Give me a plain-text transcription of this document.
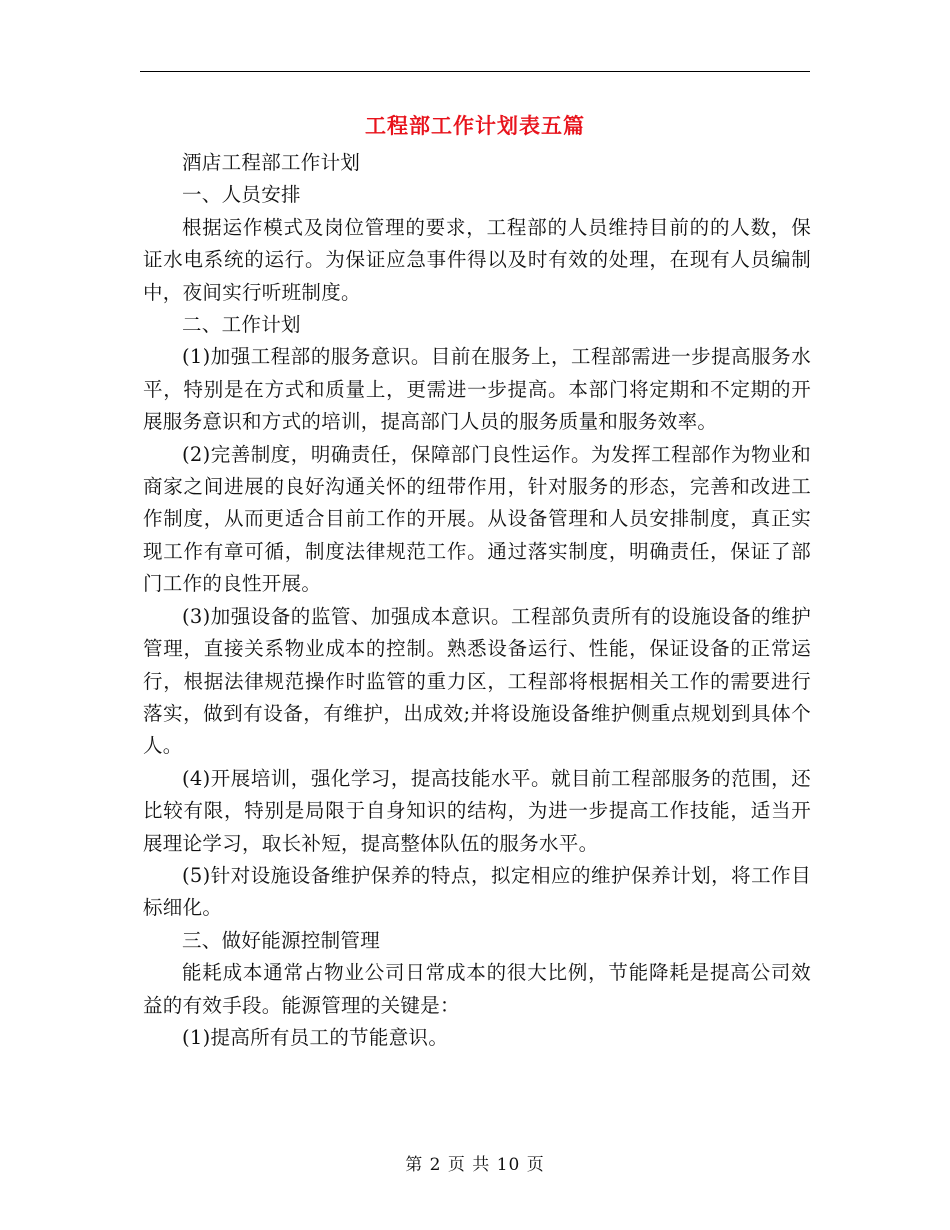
工程部工作计划表五篇

酒店工程部工作计划

一、人员安排

根据运作模式及岗位管理的要求，工程部的人员维持目前的的人数，保证水电系统的运行。为保证应急事件得以及时有效的处理，在现有人员编制中，夜间实行听班制度。

二、工作计划

(1)加强工程部的服务意识。目前在服务上，工程部需进一步提高服务水平，特别是在方式和质量上，更需进一步提高。本部门将定期和不定期的开展服务意识和方式的培训，提高部门人员的服务质量和服务效率。

(2)完善制度，明确责任，保障部门良性运作。为发挥工程部作为物业和商家之间进展的良好沟通关怀的纽带作用，针对服务的形态，完善和改进工作制度，从而更适合目前工作的开展。从设备管理和人员安排制度，真正实现工作有章可循，制度法律规范工作。通过落实制度，明确责任，保证了部门工作的良性开展。

(3)加强设备的监管、加强成本意识。工程部负责所有的设施设备的维护管理，直接关系物业成本的控制。熟悉设备运行、性能，保证设备的正常运行，根据法律规范操作时监管的重力区，工程部将根据相关工作的需要进行落实，做到有设备，有维护，出成效;并将设施设备维护侧重点规划到具体个人。

(4)开展培训，强化学习，提高技能水平。就目前工程部服务的范围，还比较有限，特别是局限于自身知识的结构，为进一步提高工作技能，适当开展理论学习，取长补短，提高整体队伍的服务水平。

(5)针对设施设备维护保养的特点，拟定相应的维护保养计划，将工作目标细化。

三、做好能源控制管理

能耗成本通常占物业公司日常成本的很大比例，节能降耗是提高公司效益的有效手段。能源管理的关键是：

(1)提高所有员工的节能意识。

第 2 页 共 10 页
